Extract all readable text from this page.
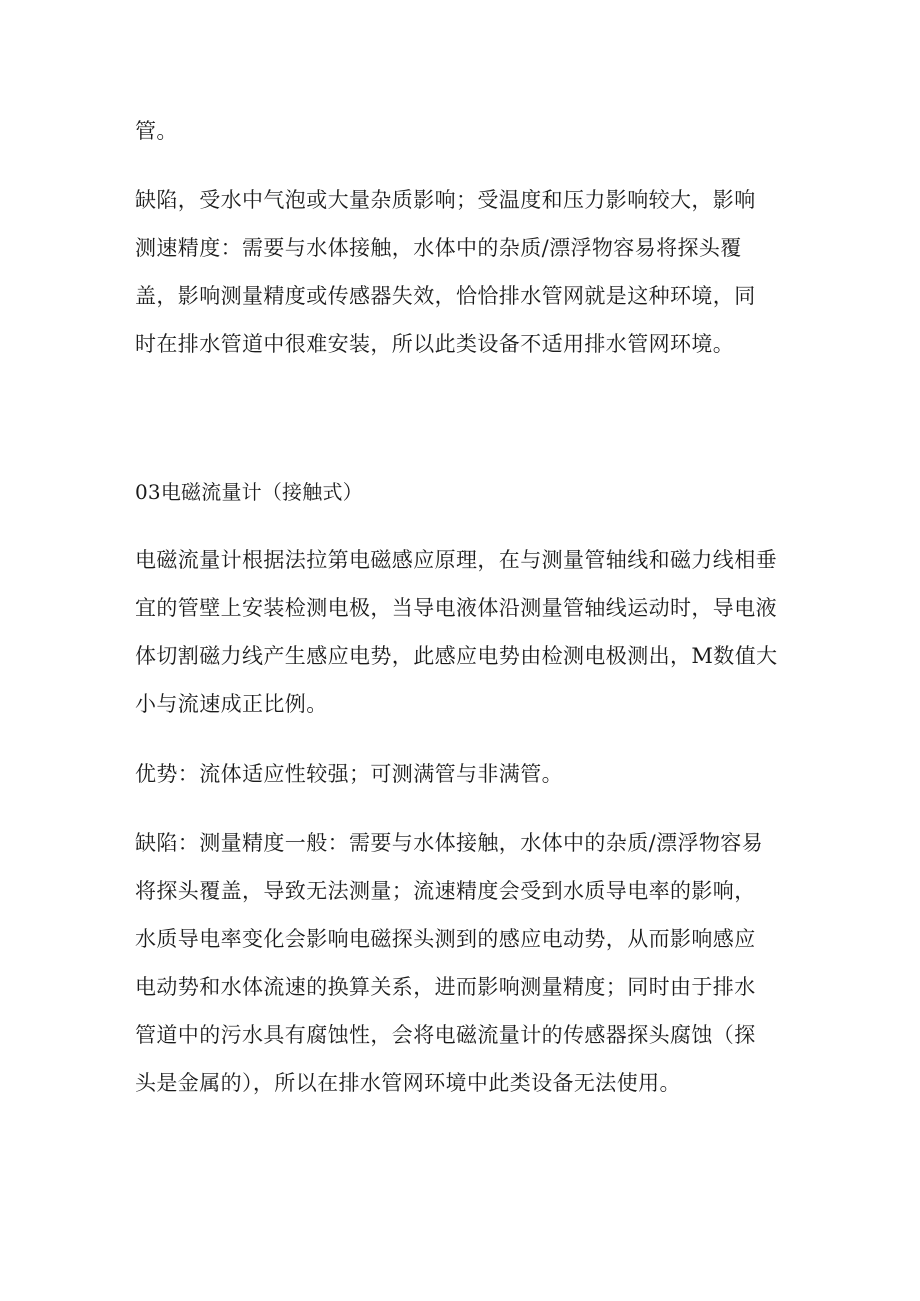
管。
缺陷，受水中气泡或大量杂质影响；受温度和压力影响较大，影响
测速精度：需要与水体接触，水体中的杂质/漂浮物容易将探头覆
盖，影响测量精度或传感器失效，恰恰排水管网就是这种环境，同
时在排水管道中很难安装，所以此类设备不适用排水管网环境。
03电磁流量计（接触式）
电磁流量计根据法拉第电磁感应原理，在与测量管轴线和磁力线相垂
宜的管壁上安装检测电极，当导电液体沿测量管轴线运动时，导电液
体切割磁力线产生感应电势，此感应电势由检测电极测出，M数值大
小与流速成正比例。
优势：流体适应性较强；可测满管与非满管。
缺陷：测量精度一般：需要与水体接触，水体中的杂质/漂浮物容易
将探头覆盖，导致无法测量；流速精度会受到水质导电率的影响，
水质导电率变化会影响电磁探头测到的感应电动势，从而影响感应
电动势和水体流速的换算关系，进而影响测量精度；同时由于排水
管道中的污水具有腐蚀性，会将电磁流量计的传感器探头腐蚀（探
头是金属的），所以在排水管网环境中此类设备无法使用。
